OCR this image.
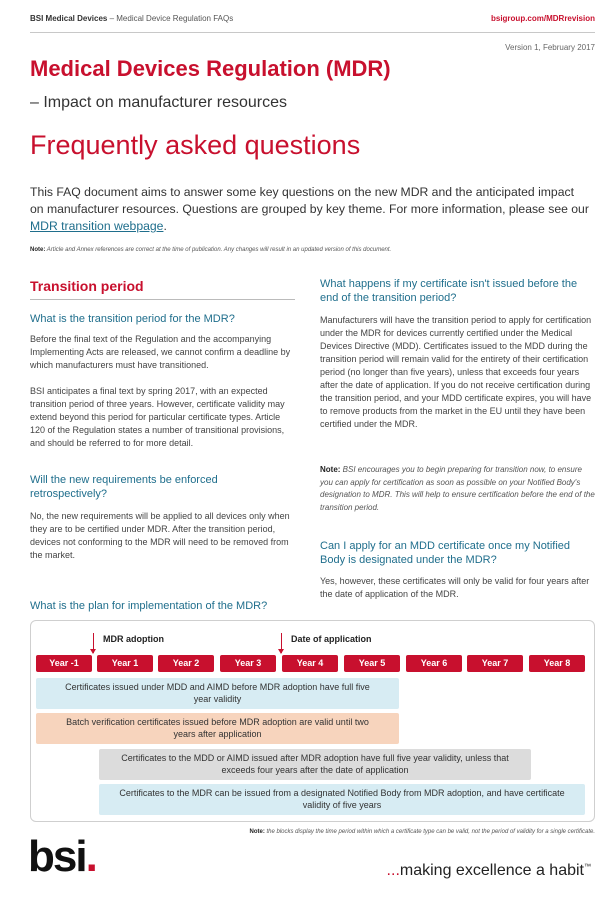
BSI Medical Devices – Medical Device Regulation FAQs	bsigroup.com/MDRrevision
Version 1, February 2017
Medical Devices Regulation (MDR)
– Impact on manufacturer resources
Frequently asked questions
This FAQ document aims to answer some key questions on the new MDR and the anticipated impact on manufacturer resources. Questions are grouped by key theme. For more information, please see our MDR transition webpage.
Note: Article and Annex references are correct at the time of publication. Any changes will result in an updated version of this document.
Transition period
What is the transition period for the MDR?
Before the final text of the Regulation and the accompanying Implementing Acts are released, we cannot confirm a deadline by which manufacturers must have transitioned.
BSI anticipates a final text by spring 2017, with an expected transition period of three years. However, certificate validity may extend beyond this period for particular certificate types. Article 120 of the Regulation states a number of transitional provisions, and should be referred to for more detail.
Will the new requirements be enforced retrospectively?
No, the new requirements will be applied to all devices only when they are to be certified under MDR. After the transition period, devices not conforming to the MDR will need to be removed from the market.
What is the plan for implementation of the MDR?
What happens if my certificate isn't issued before the end of the transition period?
Manufacturers will have the transition period to apply for certification under the MDR for devices currently certified under the Medical Devices Directive (MDD). Certificates issued to the MDD during the transition period will remain valid for the entirety of their certification period (no longer than five years), unless that exceeds four years after the date of application. If you do not receive certification during the transition period, and your MDD certificate expires, you will have to remove products from the market in the EU until they have been certified under the MDR.
Note: BSI encourages you to begin preparing for transition now, to ensure you can apply for certification as soon as possible on your Notified Body's designation to MDR. This will help to ensure certification before the end of the transition period.
Can I apply for an MDD certificate once my Notified Body is designated under the MDR?
Yes, however, these certificates will only be valid for four years after the date of application of the MDR.
MDR adoption	Date of application
Year -1	Year 1	Year 2	Year 3	Year 4	Year 5	Year 6	Year 7	Year 8
Certificates issued under MDD and AIMD before MDR adoption have full five year validity
Batch verification certificates issued before MDR adoption are valid until two years after application
Certificates to the MDD or AIMD issued after MDR adoption have full five year validity, unless that exceeds four years after the date of application
Certificates to the MDR can be issued from a designated Notified Body from MDR adoption, and have certificate validity of five years
Note: the blocks display the time period within which a certificate type can be valid, not the period of validity for a single certificate.
bsi.	...making excellence a habit™
